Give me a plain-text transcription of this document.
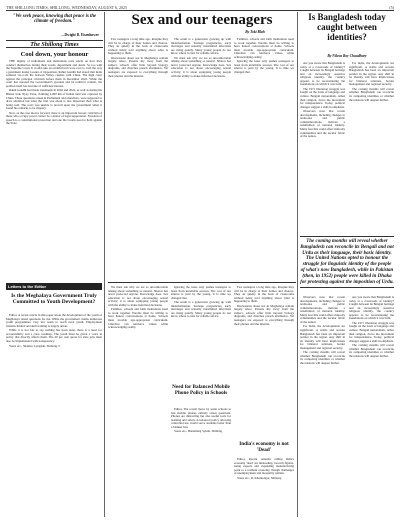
THE SHILLONG TIMES, SHILLONG, WEDNESDAY, AUGUST 6, 2025	(5)
"We seek peace, knowing that peace is the climate of freedom."
—Dwight D. Eisenhower
The Shillong Times
Cool down, your honour

THE dignity of individuals and institutions rests solely on how they conduct themselves during their words, deportment and deeds. So too with the Supreme Court. It would take an eventful turn were ever to curb the way a prominent leader Leader of Opposition, Rahul Gandhi had stated that India suffered vis-a-vis the Galwan Valley clashes with China. The high court against the principal criticism before them in December 2022. While the court has rejected the Government's grounds and its political content, the petition itself has become of sufficient interest.

Rahul Gandhi had made statements in 2002 and 2022, as well as during his Bharat Jodo Nyay Yatra, claiming 2,000 km of Indian land was captured by China. These questions raised in Parliament and elsewhere, were supposed to draw attention but what the trial was about is less important than what is being said. The court was unable to prevail upon the government when it found his remarks to be slippery.

Now, as the case moves forward, there is an important lesson: criticism of those who occupy power cannot be a matter of legal suppression. Freedom of speech is a constitutional protection and one the Courts need to hold against the State.

Letters to the Editor
Is the Meghalaya Government Truly Committed to Youth Development?

Editor, A recent article in this paper about the development of the youth of Meghalaya raised questions for me. While the government claims numerous youth programmes, very few seem to reach rural youth. Employment remains limited and skill training is largely urban.

While it is not fair to say nothing has been done, there is a need for accountability and a clear roadmap. The youth must be given a voice in policy that directly affects them. The 20 per cent quota for state jobs must also be implemented with transparency.

Yours etc., Shanbor Lyngdoh, Shillong-3

Sex and our teenagers
By Toki Blah

Few teenagers a long time ago, imagine they will be in charge of their bodies and choices. They sit quietly in the back of classrooms without being told anything about what is happening to them.

Discussions about sex in Meghalaya remain largely taboo. Parents shy away from the subject, schools offer little beyond biology diagrams, and churches preach abstinence. Yet teenagers are exposed to everything through their phones and the internet.

The result is a generation growing up with misinformation. Teenage pregnancies, early marriages and sexually transmitted infections are rising quietly. Many young people do not know where to turn for reliable advice.

We must ask why we are so uncomfortable talking about something so natural. Silence has never protected anyone. Knowledge does. Sex education is not about encouraging sexual activity; it is about equipping young people with the ability to make informed decisions.

Families, schools and faith institutions need to work together. Parents must be willing to have honest conversations at home. Schools must provide age-appropriate curriculum. Churches can reinforce values while acknowledging reality.

Ignoring the issue only pushes teenagers to learn from unreliable sources. The cost of our silence is paid by the young. It is time we changed that.

We must ask why we are so uncomfortable talking about something so natural. Silence has never protected anyone. Knowledge does. Sex education is not about encouraging sexual activity; it is about equipping young people with the ability to make informed decisions.

Families, schools and faith institutions need to work together. Parents must be willing to have honest conversations at home. Schools must provide age-appropriate curriculum. Churches can reinforce values while acknowledging reality.

Need for Balanced Mobile Phone Policy in Schools

Ignoring the issue only pushes teenagers to learn from unreliable sources. The cost of our silence is paid by the young. It is time we changed that.

The result is a generation growing up with misinformation. Teenage pregnancies, early marriages and sexually transmitted infections are rising quietly. Many young people do not know where to turn for reliable advice.

Editor, The recent move by some schools to ban mobile phones entirely raises questions. Phones are distracting but also useful tools for learning and safety. A balanced policy allowing controlled use would serve students better than a blanket ban.

Yours etc., Banteilang Syiem, Shillong

India's economy is not 'Dead'

Few teenagers a long time ago, imagine they will be in charge of their bodies and choices. They sit quietly in the back of classrooms without being told anything about what is happening to them.

Discussions about sex in Meghalaya remain largely taboo. Parents shy away from the subject, schools offer little beyond biology diagrams, and churches preach abstinence. Yet teenagers are exposed to everything through their phones and the internet.

Editor, Recent remarks calling India's economy 'dead' are misleading. Growth figures, rising exports and expanding manufacturing point to a resilient economy, though challenges of unemployment and inequality remain.

Yours etc., R. Kharkongor, Shillong

Is Bangladesh today caught between identities?
By Nilova Roy Chaudhury

Are you aware that Bangladesh is today at a crossroads of identity? Caught between its Bengali heritage and an increasingly assertive religious identity, the country appears to be reconsidering the foundations on which it was built.

The 1971 liberation struggle was fought on the basis of language and culture. Bengali nationalism, rather than religion, drove the movement for independence. Today, political changes suggest a shift in emphasis.

Observers note that recent developments, including changes to textbooks and public commemorations, indicate a redefinition of national identity. Many fear this could affect minority communities and the secular fabric of the nation.

For India, the developments are significant. A stable and secular Bangladesh has been an important partner in the region. Any shift in its identity will have implications for bilateral relations, border management and regional security.

The coming months will reveal whether Bangladesh can reconcile its competing identities or whether the tensions will deepen further.

The coming months will reveal whether Bangladesh can reconcile its Bengali and not Urdu as their language, their basic identity. The United Nations opted to honour the struggle for linguistic identity of the people of what's now Bangladesh, while in Pakistan (then, in 1952) people were killed in Dhaka for protesting against the imposition of Urdu.

Observers note that recent developments, including changes to textbooks and public commemorations, indicate a redefinition of national identity. Many fear this could affect minority communities and the secular fabric of the nation.

For India, the developments are significant. A stable and secular Bangladesh has been an important partner in the region. Any shift in its identity will have implications for bilateral relations, border management and regional security.

The coming months will reveal whether Bangladesh can reconcile its competing identities or whether the tensions will deepen further.

Are you aware that Bangladesh is today at a crossroads of identity? Caught between its Bengali heritage and an increasingly assertive religious identity, the country appears to be reconsidering the foundations on which it was built.

The 1971 liberation struggle was fought on the basis of language and culture. Bengali nationalism, rather than religion, drove the movement for independence. Today, political changes suggest a shift in emphasis.

The coming months will reveal whether Bangladesh can reconcile its competing identities or whether the tensions will deepen further.
